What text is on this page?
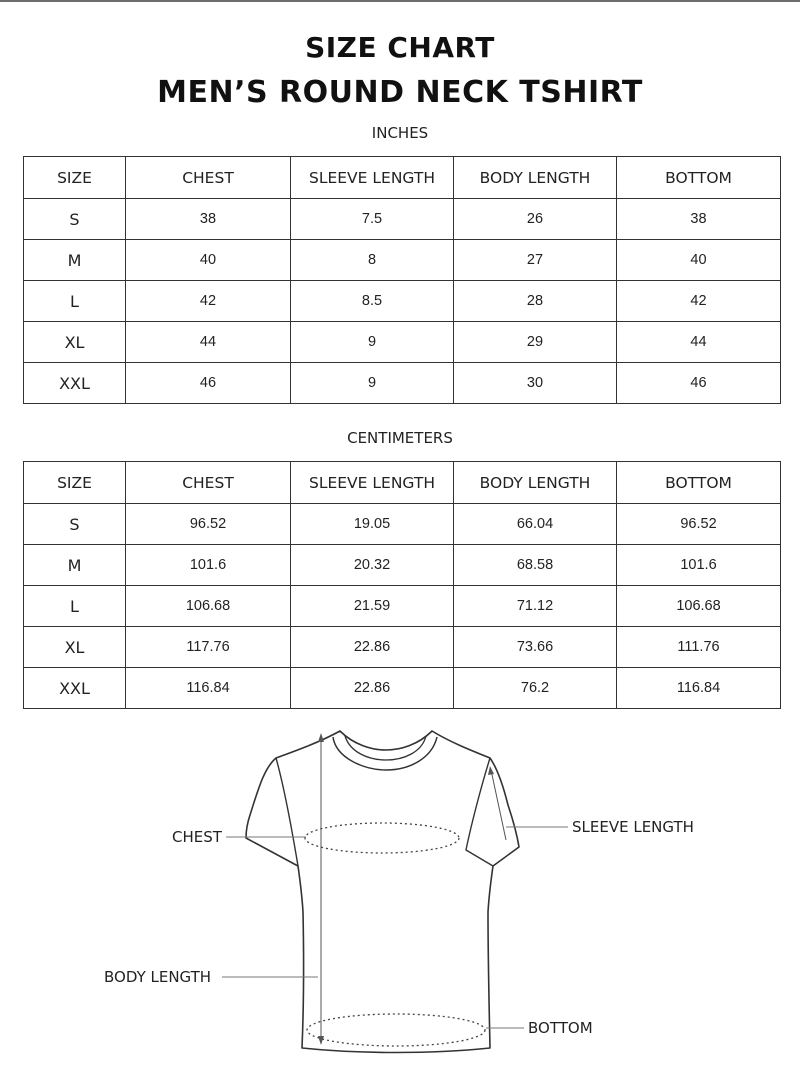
SIZE CHART
MEN’S ROUND NECK TSHIRT
INCHES
SIZE	CHEST	SLEEVE LENGTH	BODY LENGTH	BOTTOM
S	38	7.5	26	38
M	40	8	27	40
L	42	8.5	28	42
XL	44	9	29	44
XXL	46	9	30	46
CENTIMETERS
SIZE	CHEST	SLEEVE LENGTH	BODY LENGTH	BOTTOM
S	96.52	19.05	66.04	96.52
M	101.6	20.32	68.58	101.6
L	106.68	21.59	71.12	106.68
XL	117.76	22.86	73.66	111.76
XXL	116.84	22.86	76.2	116.84
CHEST
SLEEVE LENGTH
BODY LENGTH
BOTTOM
